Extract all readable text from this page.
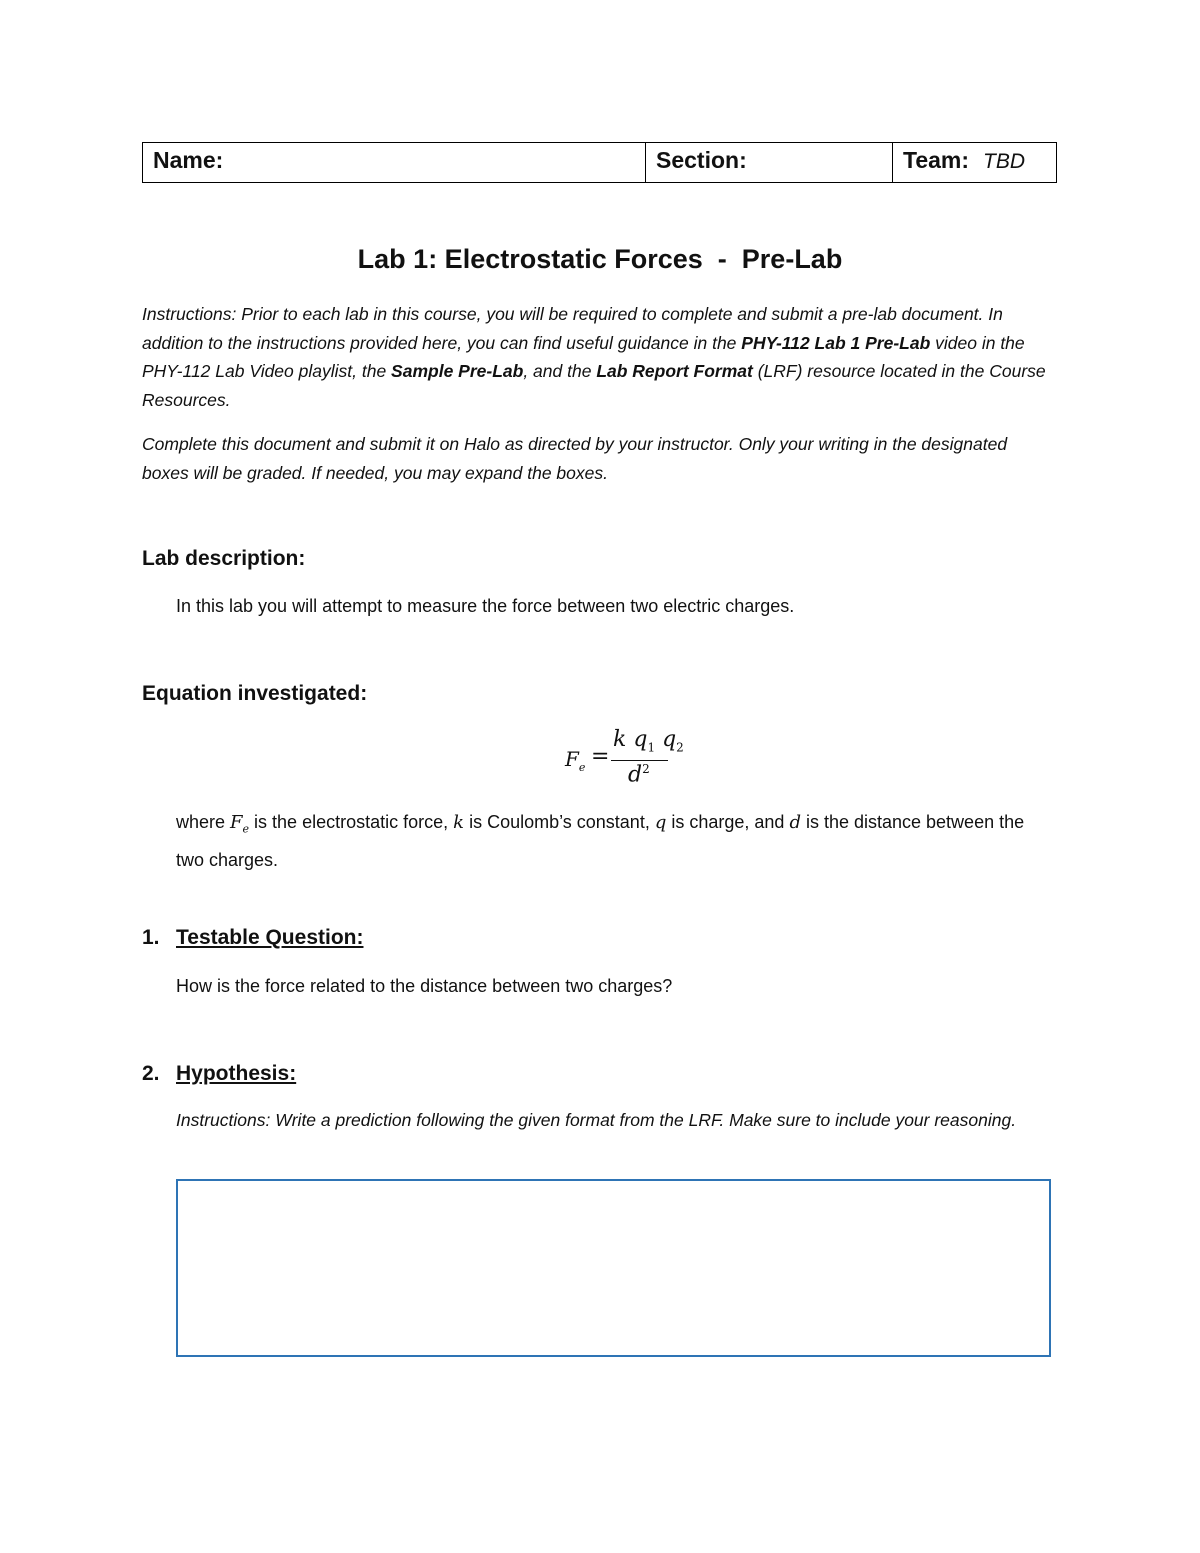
Name:	Section:	Team: TBD
Lab 1: Electrostatic Forces  -  Pre-Lab
Instructions: Prior to each lab in this course, you will be required to complete and submit a pre-lab document. In addition to the instructions provided here, you can find useful guidance in the PHY-112 Lab 1 Pre-Lab video in the PHY-112 Lab Video playlist, the Sample Pre-Lab, and the Lab Report Format (LRF) resource located in the Course Resources.
Complete this document and submit it on Halo as directed by your instructor. Only your writing in the designated boxes will be graded. If needed, you may expand the boxes.
Lab description:
In this lab you will attempt to measure the force between two electric charges.
Equation investigated:
$F_e$ =
k $q_1$ $q_2$
$d^2$
where $F_e$ is the electrostatic force, k is Coulomb’s constant, q is charge, and d is the distance between the two charges.
1. Testable Question:
How is the force related to the distance between two charges?
2. Hypothesis:
Instructions: Write a prediction following the given format from the LRF. Make sure to include your reasoning.
